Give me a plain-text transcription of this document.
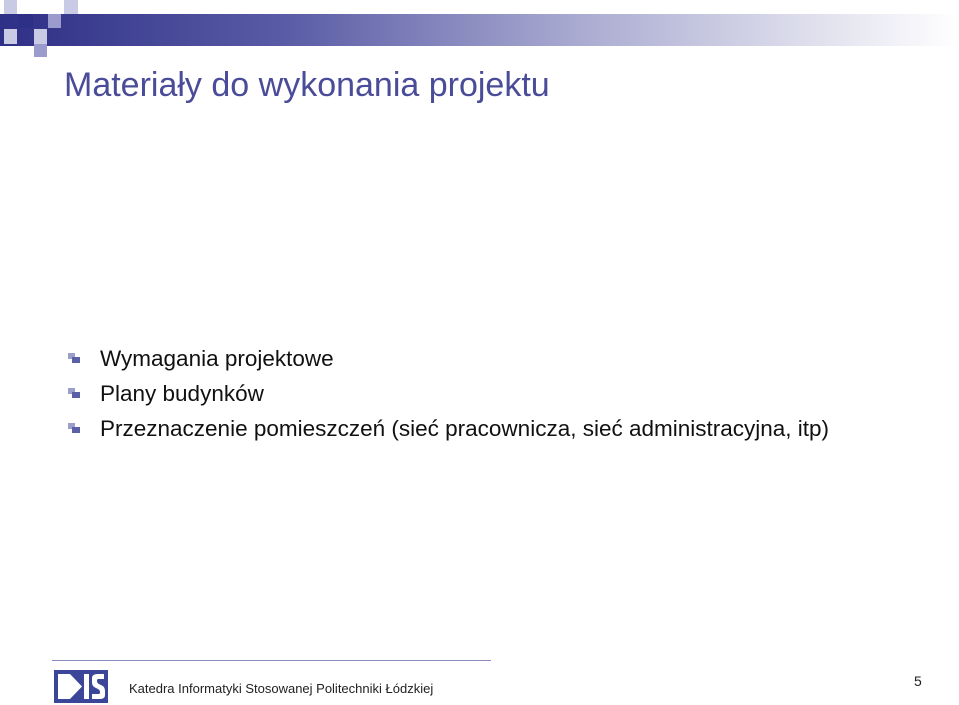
Materiały do wykonania projektu
Wymagania projektowe
Plany budynków
Przeznaczenie pomieszczeń (sieć pracownicza, sieć administracyjna, itp)
Katedra Informatyki Stosowanej Politechniki Łódzkiej	5
